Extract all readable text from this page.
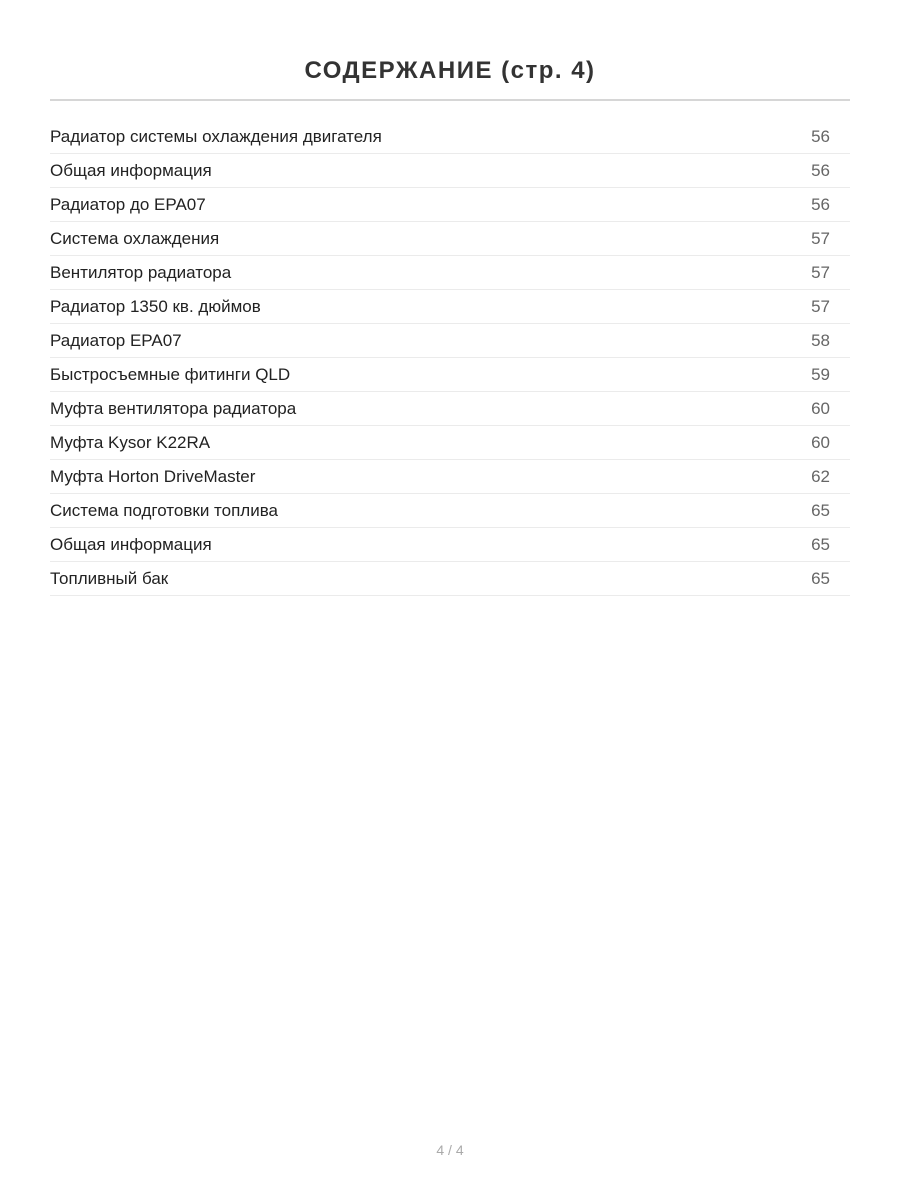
СОДЕРЖАНИЕ (стр. 4)
Радиатор системы охлаждения двигателя	56
Общая информация	56
Радиатор до EPA07	56
Система охлаждения	57
Вентилятор радиатора	57
Радиатор 1350 кв. дюймов	57
Радиатор EPA07	58
Быстросъемные фитинги QLD	59
Муфта вентилятора радиатора	60
Муфта Kysor K22RA	60
Муфта Horton DriveMaster	62
Система подготовки топлива	65
Общая информация	65
Топливный бак	65
4 / 4
